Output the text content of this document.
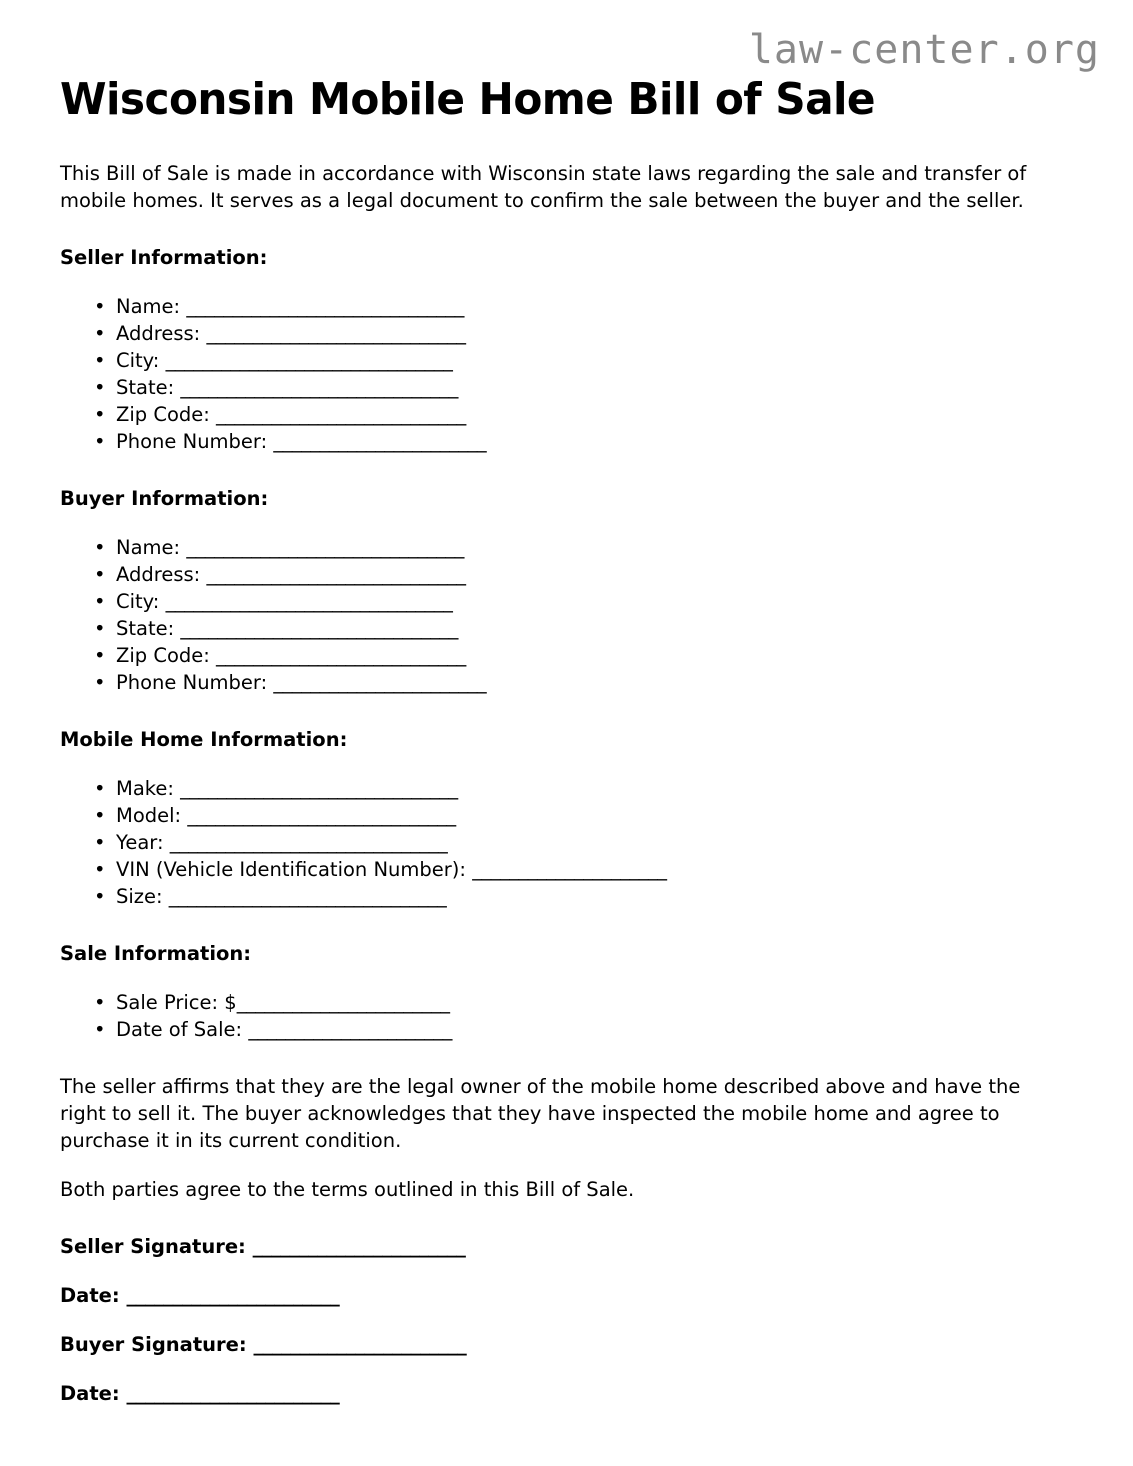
law-center.org
Wisconsin Mobile Home Bill of Sale

This Bill of Sale is made in accordance with Wisconsin state laws regarding the sale and transfer of mobile homes. It serves as a legal document to confirm the sale between the buyer and the seller.

Seller Information:
• Name: ______________________________
• Address: ____________________________
• City: _______________________________
• State: ______________________________
• Zip Code: ___________________________
• Phone Number: _______________________
Buyer Information:
• Name: ______________________________
• Address: ____________________________
• City: _______________________________
• State: ______________________________
• Zip Code: ___________________________
• Phone Number: _______________________
Mobile Home Information:
• Make: ______________________________
• Model: _____________________________
• Year: ______________________________
• VIN (Vehicle Identification Number): _____________________
• Size: ______________________________
Sale Information:
• Sale Price: $_______________________
• Date of Sale: ______________________

The seller affirms that they are the legal owner of the mobile home described above and have the right to sell it. The buyer acknowledges that they have inspected the mobile home and agree to purchase it in its current condition.

Both parties agree to the terms outlined in this Bill of Sale.

Seller Signature: _______________________

Date: _______________________

Buyer Signature: _______________________

Date: _______________________
